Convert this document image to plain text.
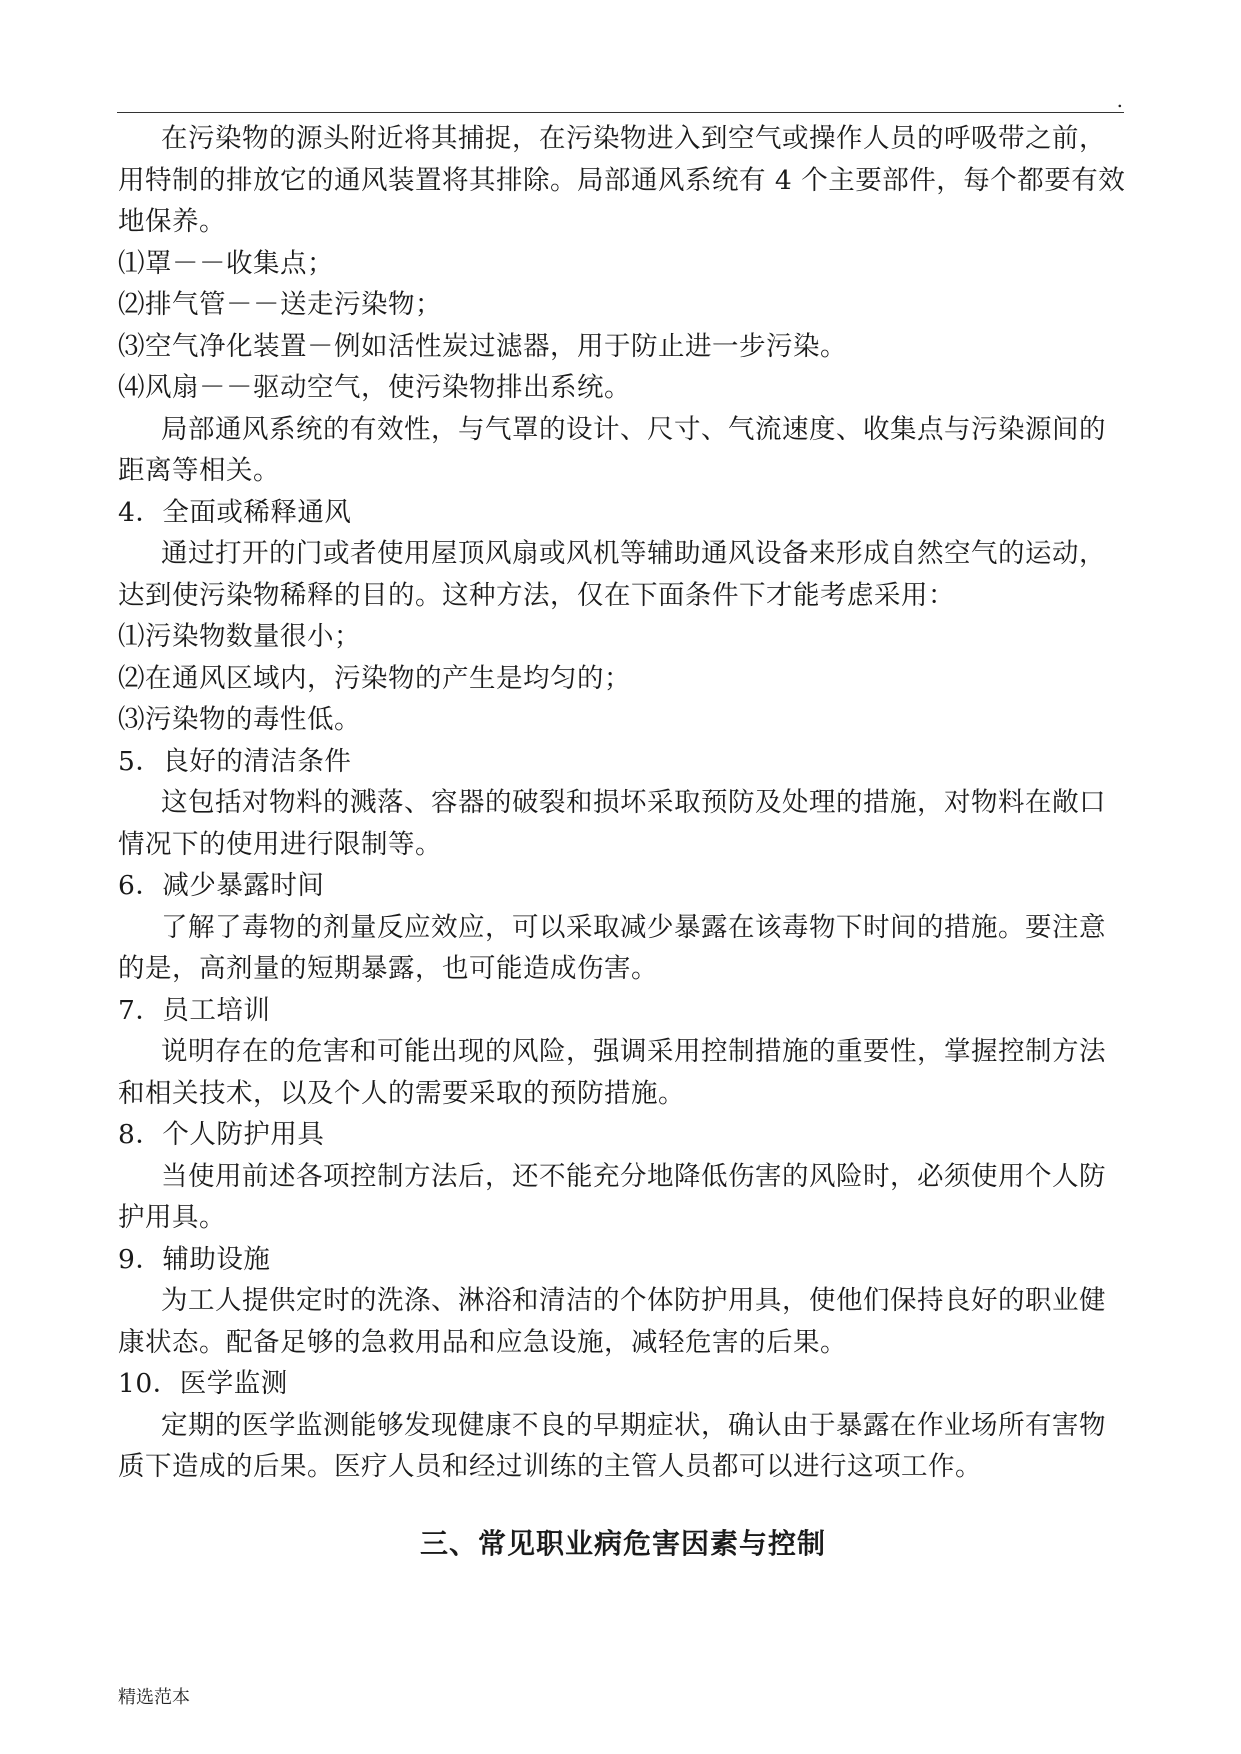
.

在污染物的源头附近将其捕捉，在污染物进入到空气或操作人员的呼吸带之前，用特制的排放它的通风装置将其排除。局部通风系统有 4 个主要部件，每个都要有效地保养。

⑴罩－－收集点；

⑵排气管－－送走污染物；

⑶空气净化装置－例如活性炭过滤器，用于防止进一步污染。

⑷风扇－－驱动空气，使污染物排出系统。

局部通风系统的有效性，与气罩的设计、尺寸、气流速度、收集点与污染源间的距离等相关。

4．全面或稀释通风

通过打开的门或者使用屋顶风扇或风机等辅助通风设备来形成自然空气的运动，达到使污染物稀释的目的。这种方法，仅在下面条件下才能考虑采用：

⑴污染物数量很小；

⑵在通风区域内，污染物的产生是均匀的；

⑶污染物的毒性低。

5．良好的清洁条件

这包括对物料的溅落、容器的破裂和损坏采取预防及处理的措施，对物料在敞口情况下的使用进行限制等。

6．减少暴露时间

了解了毒物的剂量反应效应，可以采取减少暴露在该毒物下时间的措施。要注意的是，高剂量的短期暴露，也可能造成伤害。

7．员工培训

说明存在的危害和可能出现的风险，强调采用控制措施的重要性，掌握控制方法和相关技术，以及个人的需要采取的预防措施。

8．个人防护用具

当使用前述各项控制方法后，还不能充分地降低伤害的风险时，必须使用个人防护用具。

9．辅助设施

为工人提供定时的洗涤、淋浴和清洁的个体防护用具，使他们保持良好的职业健康状态。配备足够的急救用品和应急设施，减轻危害的后果。

10．医学监测

定期的医学监测能够发现健康不良的早期症状，确认由于暴露在作业场所有害物质下造成的后果。医疗人员和经过训练的主管人员都可以进行这项工作。

三、常见职业病危害因素与控制
精选范本
